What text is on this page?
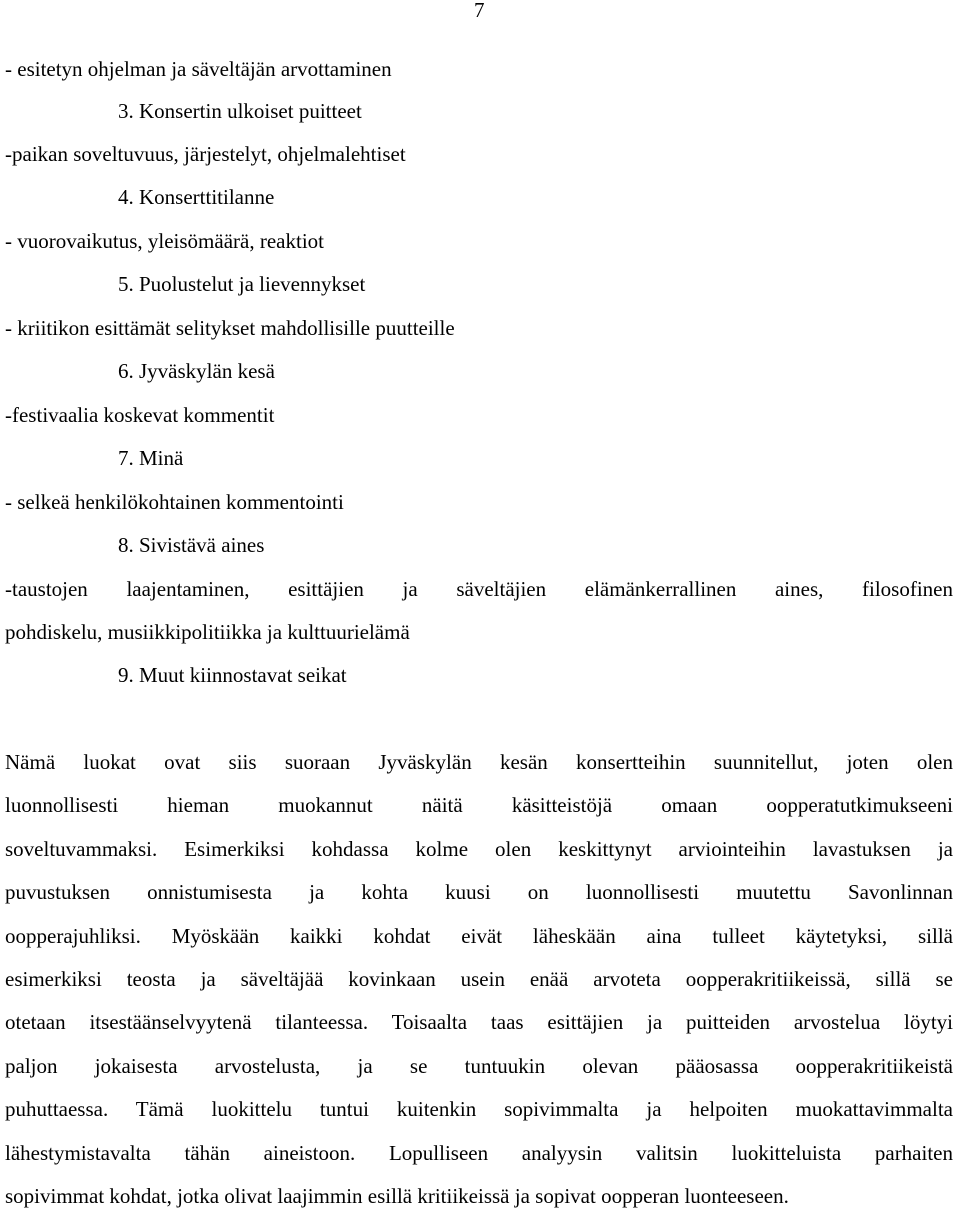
7
- esitetyn ohjelman ja säveltäjän arvottaminen
3. Konsertin ulkoiset puitteet
-paikan soveltuvuus, järjestelyt, ohjelmalehtiset
4. Konserttitilanne
- vuorovaikutus, yleisömäärä, reaktiot
5. Puolustelut ja lievennykset
- kriitikon esittämät selitykset mahdollisille puutteille
6. Jyväskylän kesä
-festivaalia koskevat kommentit
7. Minä
- selkeä henkilökohtainen kommentointi
8. Sivistävä aines
-taustojen laajentaminen, esittäjien ja säveltäjien elämänkerrallinen aines, filosofinen
pohdiskelu, musiikkipolitiikka ja kulttuurielämä
9. Muut kiinnostavat seikat
Nämä luokat ovat siis suoraan Jyväskylän kesän konsertteihin suunnitellut, joten olen
luonnollisesti hieman muokannut näitä käsitteistöjä omaan oopperatutkimukseeni
soveltuvammaksi. Esimerkiksi kohdassa kolme olen keskittynyt arviointeihin lavastuksen ja
puvustuksen onnistumisesta ja kohta kuusi on luonnollisesti muutettu Savonlinnan
oopperajuhliksi. Myöskään kaikki kohdat eivät läheskään aina tulleet käytetyksi, sillä
esimerkiksi teosta ja säveltäjää kovinkaan usein enää arvoteta oopperakritiikeissä, sillä se
otetaan itsestäänselvyytenä tilanteessa. Toisaalta taas esittäjien ja puitteiden arvostelua löytyi
paljon jokaisesta arvostelusta, ja se tuntuukin olevan pääosassa oopperakritiikeistä
puhuttaessa. Tämä luokittelu tuntui kuitenkin sopivimmalta ja helpoiten muokattavimmalta
lähestymistavalta tähän aineistoon. Lopulliseen analyysin valitsin luokitteluista parhaiten
sopivimmat kohdat, jotka olivat laajimmin esillä kritiikeissä ja sopivat oopperan luonteeseen.
